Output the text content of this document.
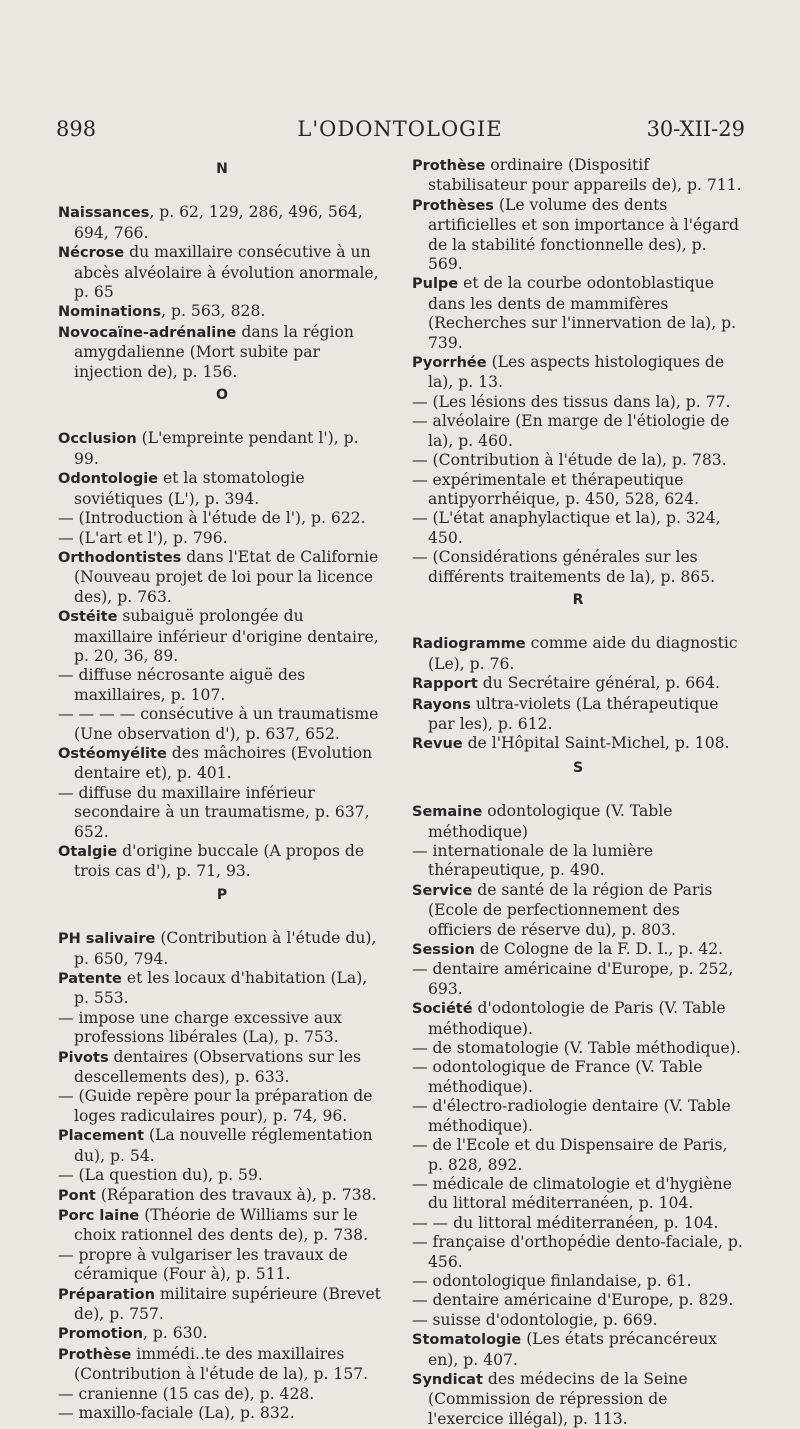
898	L'ODONTOLOGIE	30-XII-29
N

Naissances, p. 62, 129, 286, 496, 564, 694, 766.

Nécrose du maxillaire consécutive à un abcès alvéolaire à évolution anormale, p. 65

Nominations, p. 563, 828.

Novocaïne-adrénaline dans la région amygdalienne (Mort subite par injection de), p. 156.

O

Occlusion (L'empreinte pendant l'), p. 99.

Odontologie et la stomatologie soviétiques (L'), p. 394.

— (Introduction à l'étude de l'), p. 622.

— (L'art et l'), p. 796.

Orthodontistes dans l'Etat de Californie (Nouveau projet de loi pour la licence des), p. 763.

Ostéite subaiguë prolongée du maxillaire inférieur d'origine dentaire, p. 20, 36, 89.

— diffuse nécrosante aiguë des maxillaires, p. 107.

— — — — consécutive à un traumatisme (Une observation d'), p. 637, 652.

Ostéomyélite des mâchoires (Evolution dentaire et), p. 401.

— diffuse du maxillaire inférieur secondaire à un traumatisme, p. 637, 652.

Otalgie d'origine buccale (A propos de trois cas d'), p. 71, 93.

P

PH salivaire (Contribution à l'étude du), p. 650, 794.

Patente et les locaux d'habitation (La), p. 553.

— impose une charge excessive aux professions libérales (La), p. 753.

Pivots dentaires (Observations sur les descellements des), p. 633.

— (Guide repère pour la préparation de loges radiculaires pour), p. 74, 96.

Placement (La nouvelle réglementation du), p. 54.

— (La question du), p. 59.

Pont (Réparation des travaux à), p. 738.

Porc laine (Théorie de Williams sur le choix rationnel des dents de), p. 738.

— propre à vulgariser les travaux de céramique (Four à), p. 511.

Préparation militaire supérieure (Brevet de), p. 757.

Promotion, p. 630.

Prothèse immédi..te des maxillaires (Contribution à l'étude de la), p. 157.

— cranienne (15 cas de), p. 428.

— maxillo-faciale (La), p. 832.

Prothèse ordinaire (Dispositif stabilisateur pour appareils de), p. 711.

Prothèses (Le volume des dents artificielles et son importance à l'égard de la stabilité fonctionnelle des), p. 569.

Pulpe et de la courbe odontoblastique dans les dents de mammifères (Recherches sur l'innervation de la), p. 739.

Pyorrhée (Les aspects histologiques de la), p. 13.

— (Les lésions des tissus dans la), p. 77.

— alvéolaire (En marge de l'étiologie de la), p. 460.

— (Contribution à l'étude de la), p. 783.

— expérimentale et thérapeutique antipyorrhéique, p. 450, 528, 624.

— (L'état anaphylactique et la), p. 324, 450.

— (Considérations générales sur les différents traitements de la), p. 865.

R

Radiogramme comme aide du diagnostic (Le), p. 76.

Rapport du Secrétaire général, p. 664.

Rayons ultra-violets (La thérapeutique par les), p. 612.

Revue de l'Hôpital Saint-Michel, p. 108.

S

Semaine odontologique (V. Table méthodique)

— internationale de la lumière thérapeutique, p. 490.

Service de santé de la région de Paris (Ecole de perfectionnement des officiers de réserve du), p. 803.

Session de Cologne de la F. D. I., p. 42.

— dentaire américaine d'Europe, p. 252, 693.

Société d'odontologie de Paris (V. Table méthodique).

— de stomatologie (V. Table méthodique).

— odontologique de France (V. Table méthodique).

— d'électro-radiologie dentaire (V. Table méthodique).

— de l'Ecole et du Dispensaire de Paris, p. 828, 892.

— médicale de climatologie et d'hygiène du littoral méditerranéen, p. 104.

— — du littoral méditerranéen, p. 104.

— française d'orthopédie dento-faciale, p. 456.

— odontologique finlandaise, p. 61.

— dentaire américaine d'Europe, p. 829.

— suisse d'odontologie, p. 669.

Stomatologie (Les états précancéreux en), p. 407.

Syndicat des médecins de la Seine (Commission de répression de l'exercice illégal), p. 113.
